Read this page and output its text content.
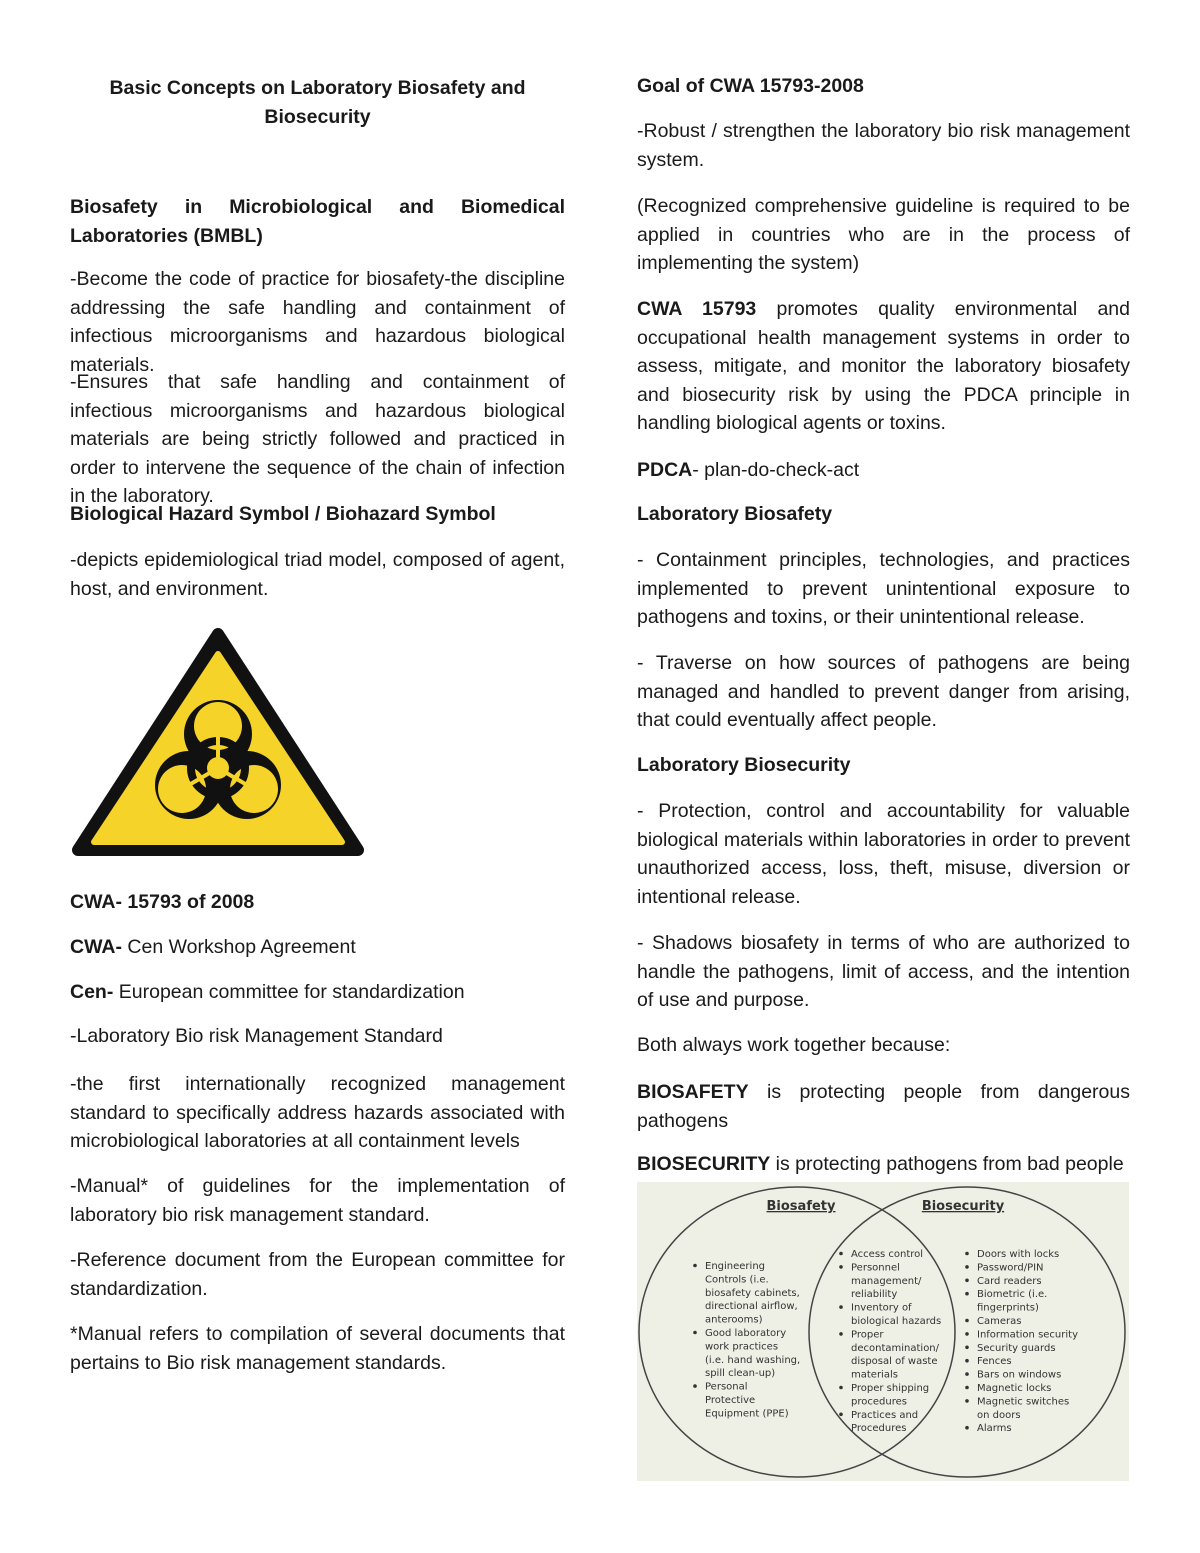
Basic Concepts on Laboratory Biosafety and
Biosecurity

Biosafety in Microbiological and Biomedical Laboratories (BMBL)

-Become the code of practice for biosafety-the discipline addressing the safe handling and containment of infectious microorganisms and hazardous biological materials.

-Ensures that safe handling and containment of infectious microorganisms and hazardous biological materials are being strictly followed and practiced in order to intervene the sequence of the chain of infection in the laboratory.

Biological Hazard Symbol / Biohazard Symbol

-depicts epidemiological triad model, composed of agent, host, and environment.

CWA- 15793 of 2008

CWA- Cen Workshop Agreement

Cen- European committee for standardization

-Laboratory Bio risk Management Standard

-the first internationally recognized management standard to specifically address hazards associated with microbiological laboratories at all containment levels

-Manual* of guidelines for the implementation of laboratory bio risk management standard.

-Reference document from the European committee for standardization.

*Manual refers to compilation of several documents that pertains to Bio risk management standards.

Goal of CWA 15793-2008

-Robust / strengthen the laboratory bio risk management system.

(Recognized comprehensive guideline is required to be applied in countries who are in the process of implementing the system)

CWA 15793 promotes quality environmental and occupational health management systems in order to assess, mitigate, and monitor the laboratory biosafety and biosecurity risk by using the PDCA principle in handling biological agents or toxins.

PDCA- plan-do-check-act

Laboratory Biosafety

- Containment principles, technologies, and practices implemented to prevent unintentional exposure to pathogens and toxins, or their unintentional release.

- Traverse on how sources of pathogens are being managed and handled to prevent danger from arising, that could eventually affect people.

Laboratory Biosecurity

- Protection, control and accountability for valuable biological materials within laboratories in order to prevent unauthorized access, loss, theft, misuse, diversion or intentional release.

- Shadows biosafety in terms of who are authorized to handle the pathogens, limit of access, and the intention of use and purpose.

Both always work together because:

BIOSAFETY is protecting people from dangerous pathogens

BIOSECURITY is protecting pathogens from bad people

Biosafety	Biosecurity
Engineering
Controls (i.e.
biosafety cabinets,
directional airflow,
anterooms)
Good laboratory
work practices
(i.e. hand washing,
spill clean-up)
Personal
Protective
Equipment (PPE)
Access control
Personnel
management/
reliability
Inventory of
biological hazards
Proper
decontamination/
disposal of waste
materials
Proper shipping
procedures
Practices and
Procedures
Doors with locks
Password/PIN
Card readers
Biometric (i.e.
fingerprints)
Cameras
Information security
Security guards
Fences
Bars on windows
Magnetic locks
Magnetic switches
on doors
Alarms
